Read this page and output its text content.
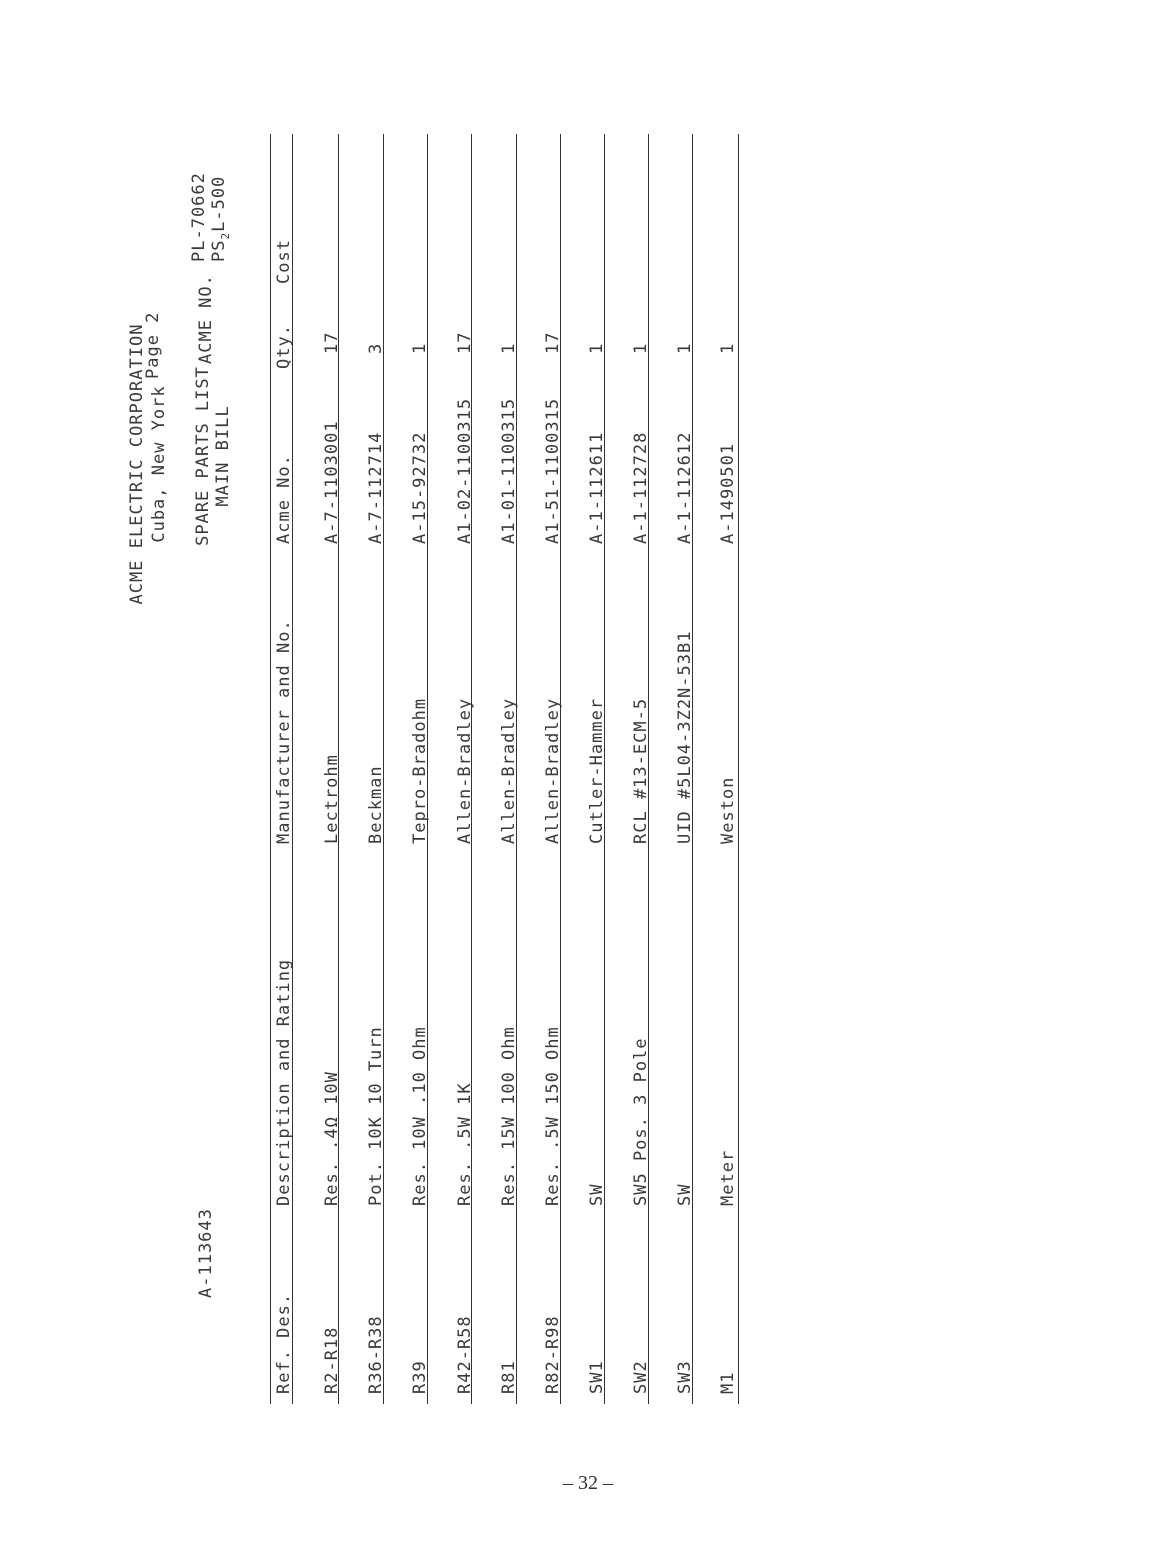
ACME ELECTRIC CORPORATION Cuba, New York
Page 2
A-113643
SPARE PARTS LIST MAIN BILL
ACME NO.
PL-70662 $PS_2L-500$
Ref. Des.
Description and Rating
Manufacturer and No.
Acme No.
Qty.
Cost
R2-R18
Res. .4Ω 10W
Lectrohm
A-7-1103001
17
R36-R38
Pot. 10K 10 Turn
Beckman
A-7-112714
3
R39
Res. 10W .10 Ohm
Tepro-Bradohm
A-15-92732
1
R42-R58
Res. .5W 1K
Allen-Bradley
A1-02-1100315
17
R81
Res. 15W 100 Ohm
Allen-Bradley
A1-01-1100315
1
R82-R98
Res. .5W 150 Ohm
Allen-Bradley
A1-51-1100315
17
SW1
SW
Cutler-Hammer
A-1-112611
1
SW2
SW5 Pos. 3 Pole
RCL #13-ECM-5
A-1-112728
1
SW3
SW
UID #5L04-3Z2N-53B1
A-1-112612
1
M1
Meter
Weston
A-1490501
1
– 32 –
